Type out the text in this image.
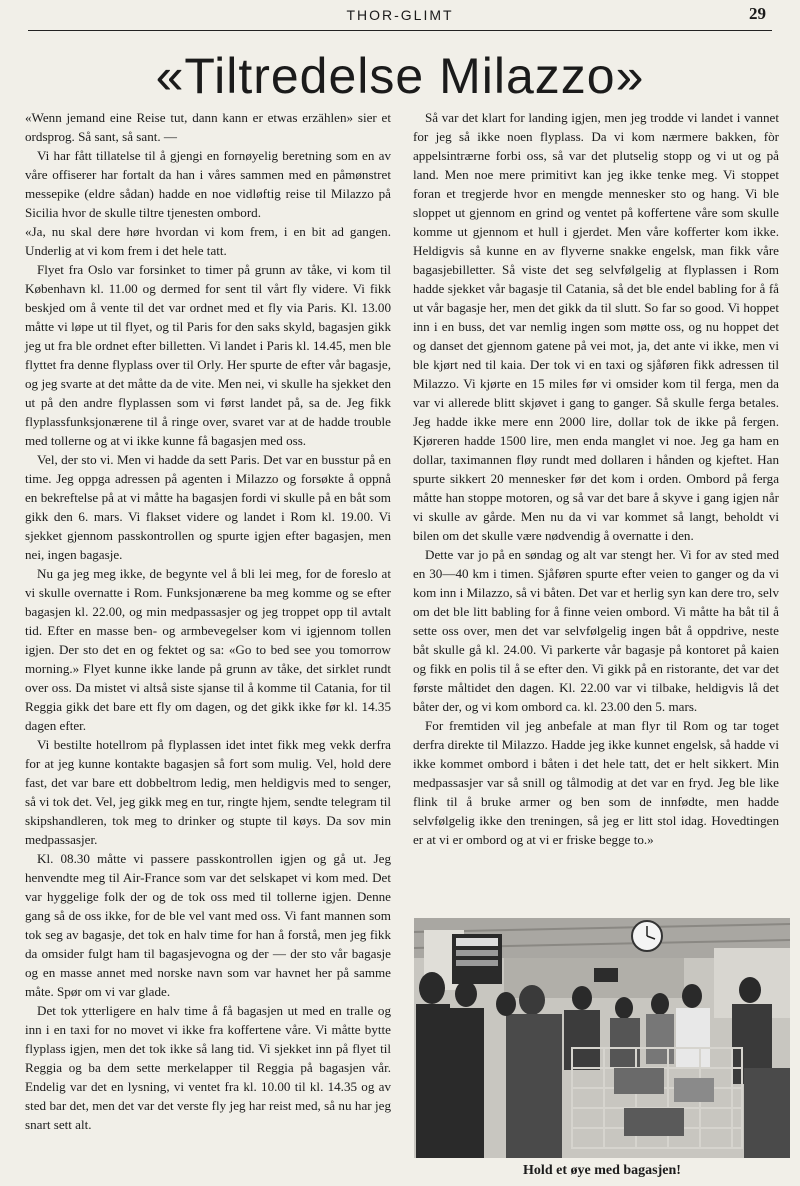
THOR-GLIMT	29
«Tiltredelse Milazzo»

«Wenn jemand eine Reise tut, dann kann er etwas erzählen» sier et ordsprog. Så sant, så sant. —

Vi har fått tillatelse til å gjengi en fornøyelig beretning som en av våre offiserer har fortalt da han i våres sammen med en påmønstret messepike (eldre sådan) hadde en noe vidløftig reise til Milazzo på Sicilia hvor de skulle tiltre tjenesten ombord.

«Ja, nu skal dere høre hvordan vi kom frem, i en bit ad gangen. Underlig at vi kom frem i det hele tatt.

Flyet fra Oslo var forsinket to timer på grunn av tåke, vi kom til København kl. 11.00 og dermed for sent til vårt fly videre. Vi fikk beskjed om å vente til det var ordnet med et fly via Paris. Kl. 13.00 måtte vi løpe ut til flyet, og til Paris for den saks skyld, bagasjen gikk jeg ut fra ble ordnet efter billetten. Vi landet i Paris kl. 14.45, men ble flyttet fra denne flyplass over til Orly. Her spurte de efter vår bagasje, og jeg svarte at det måtte da de vite. Men nei, vi skulle ha sjekket den ut på den andre flyplassen som vi først landet på, sa de. Jeg fikk flyplassfunksjonærene til å ringe over, svaret var at de hadde trouble med tollerne og at vi ikke kunne få bagasjen med oss.

Vel, der sto vi. Men vi hadde da sett Paris. Det var en busstur på en time. Jeg oppga adressen på agenten i Milazzo og forsøkte å oppnå en bekreftelse på at vi måtte ha bagasjen fordi vi skulle på en båt som gikk den 6. mars. Vi flakset videre og landet i Rom kl. 19.00. Vi sjekket gjennom passkontrollen og spurte igjen efter bagasjen, men nei, ingen bagasje.

Nu ga jeg meg ikke, de begynte vel å bli lei meg, for de foreslo at vi skulle overnatte i Rom. Funksjonærene ba meg komme og se efter bagasjen kl. 22.00, og min medpassasjer og jeg troppet opp til avtalt tid. Efter en masse ben- og armbevegelser kom vi igjennom tollen igjen. Der sto det en og fektet og sa: «Go to bed see you tomorrow morning.» Flyet kunne ikke lande på grunn av tåke, det sirklet rundt over oss. Da mistet vi altså siste sjanse til å komme til Catania, for til Reggia gikk det bare ett fly om dagen, og det gikk ikke før kl. 14.35 dagen efter.

Vi bestilte hotellrom på flyplassen idet intet fikk meg vekk derfra for at jeg kunne kontakte bagasjen så fort som mulig. Vel, hold dere fast, det var bare ett dobbeltrom ledig, men heldigvis med to senger, så vi tok det. Vel, jeg gikk meg en tur, ringte hjem, sendte telegram til skipshandleren, tok meg to drinker og stupte til køys. Da sov min medpassasjer.

Kl. 08.30 måtte vi passere passkontrollen igjen og gå ut. Jeg henvendte meg til Air-France som var det selskapet vi kom med. Det var hyggelige folk der og de tok oss med til tollerne igjen. Denne gang så de oss ikke, for de ble vel vant med oss. Vi fant mannen som tok seg av bagasje, det tok en halv time for han å forstå, men jeg fikk da omsider fulgt ham til bagasjevogna og der — der sto vår bagasje og en masse annet med norske navn som var havnet her på samme måte. Spør om vi var glade.

Det tok ytterligere en halv time å få bagasjen ut med en tralle og inn i en taxi for no movet vi ikke fra koffertene våre. Vi måtte bytte flyplass igjen, men det tok ikke så lang tid. Vi sjekket inn på flyet til Reggia og ba dem sette merkelapper til Reggia på bagasjen vår. Endelig var det en lysning, vi ventet fra kl. 10.00 til kl. 14.35 og av sted bar det, men det var det verste fly jeg har reist med, så nu har jeg snart sett alt.

Så var det klart for landing igjen, men jeg trodde vi landet i vannet for jeg så ikke noen flyplass. Da vi kom nærmere bakken, fòr appelsintrærne forbi oss, så var det plutselig stopp og vi ut og på land. Men noe mere primitivt kan jeg ikke tenke meg. Vi stoppet foran et tregjerde hvor en mengde mennesker sto og hang. Vi ble sloppet ut gjennom en grind og ventet på koffertene våre som skulle komme ut gjennom et hull i gjerdet. Men våre kofferter kom ikke. Heldigvis så kunne en av flyverne snakke engelsk, man fikk våre bagasjebilletter. Så viste det seg selvfølgelig at flyplassen i Rom hadde sjekket vår bagasje til Catania, så det ble endel babling for å få ut vår bagasje her, men det gikk da til slutt. So far so good. Vi hoppet inn i en buss, det var nemlig ingen som møtte oss, og nu hoppet det og danset det gjennom gatene på vei mot, ja, det ante vi ikke, men vi ble kjørt ned til kaia. Der tok vi en taxi og sjåføren fikk adressen til Milazzo. Vi kjørte en 15 miles før vi omsider kom til ferga, men da var vi allerede blitt skjøvet i gang to ganger. Så skulle ferga betales. Jeg hadde ikke mere enn 2000 lire, dollar tok de ikke på fergen. Kjøreren hadde 1500 lire, men enda manglet vi noe. Jeg ga ham en dollar, taximannen fløy rundt med dollaren i hånden og kjeftet. Han spurte sikkert 20 mennesker før det kom i orden. Ombord på ferga måtte han stoppe motoren, og så var det bare å skyve i gang igjen når vi skulle av gårde. Men nu da vi var kommet så langt, beholdt vi bilen om det skulle være nødvendig å overnatte i den.

Dette var jo på en søndag og alt var stengt her. Vi for av sted med en 30—40 km i timen. Sjåføren spurte efter veien to ganger og da vi kom inn i Milazzo, så vi båten. Det var et herlig syn kan dere tro, selv om det ble litt babling for å finne veien ombord. Vi måtte ha båt til å sette oss over, men det var selvfølgelig ingen båt å oppdrive, neste båt skulle gå kl. 24.00. Vi parkerte vår bagasje på kontoret på kaien og fikk en polis til å se efter den. Vi gikk på en ristorante, det var det første måltidet den dagen. Kl. 22.00 var vi tilbake, heldigvis lå det båter der, og vi kom ombord ca. kl. 23.00 den 5. mars.

For fremtiden vil jeg anbefale at man flyr til Rom og tar toget derfra direkte til Milazzo. Hadde jeg ikke kunnet engelsk, så hadde vi ikke kommet ombord i båten i det hele tatt, det er helt sikkert. Min medpassasjer var så snill og tålmodig at det var en fryd. Jeg ble like flink til å bruke armer og ben som de innfødte, men hadde selvfølgelig ikke den treningen, så jeg er litt stol idag. Hovedtingen er at vi er ombord og at vi er friske begge to.»

Hold et øye med bagasjen!
